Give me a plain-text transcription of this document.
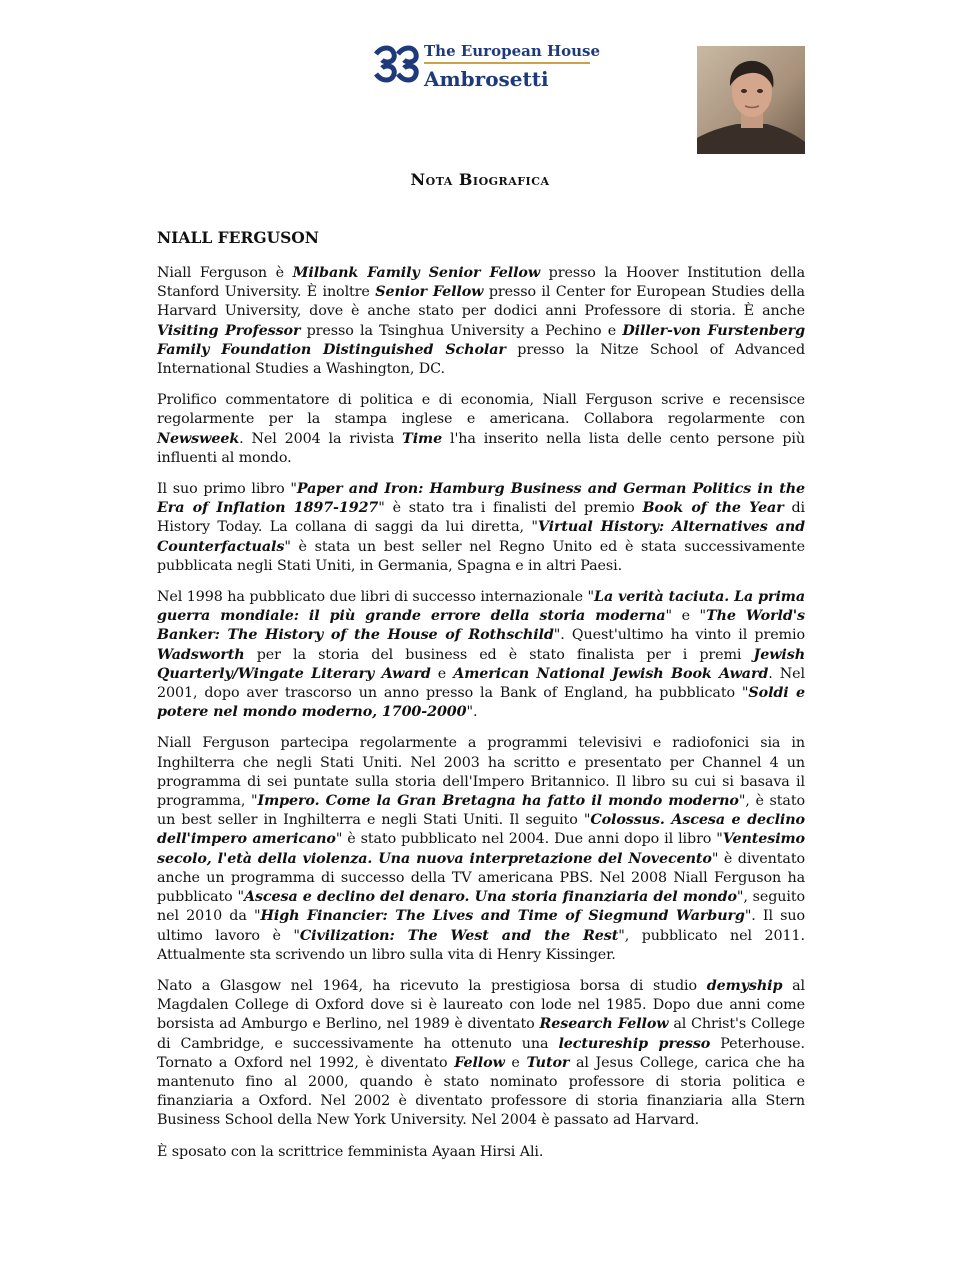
The European House
Ambrosetti
Nota Biografica
NIALL FERGUSON

Niall Ferguson è Milbank Family Senior Fellow presso la Hoover Institution della Stanford University. È inoltre Senior Fellow presso il Center for European Studies della Harvard University, dove è anche stato per dodici anni Professore di storia. È anche Visiting Professor presso la Tsinghua University a Pechino e Diller-von Furstenberg Family Foundation Distinguished Scholar presso la Nitze School of Advanced International Studies a Washington, DC.

Prolifico commentatore di politica e di economia, Niall Ferguson scrive e recensisce regolarmente per la stampa inglese e americana. Collabora regolarmente con Newsweek. Nel 2004 la rivista Time l'ha inserito nella lista delle cento persone più influenti al mondo.

Il suo primo libro "Paper and Iron: Hamburg Business and German Politics in the Era of Inflation 1897-1927" è stato tra i finalisti del premio Book of the Year di History Today. La collana di saggi da lui diretta, "Virtual History: Alternatives and Counterfactuals" è stata un best seller nel Regno Unito ed è stata successivamente pubblicata negli Stati Uniti, in Germania, Spagna e in altri Paesi.

Nel 1998 ha pubblicato due libri di successo internazionale "La verità taciuta. La prima guerra mondiale: il più grande errore della storia moderna" e "The World's Banker: The History of the House of Rothschild". Quest'ultimo ha vinto il premio Wadsworth per la storia del business ed è stato finalista per i premi Jewish Quarterly/Wingate Literary Award e American National Jewish Book Award. Nel 2001, dopo aver trascorso un anno presso la Bank of England, ha pubblicato "Soldi e potere nel mondo moderno, 1700-2000".

Niall Ferguson partecipa regolarmente a programmi televisivi e radiofonici sia in Inghilterra che negli Stati Uniti. Nel 2003 ha scritto e presentato per Channel 4 un programma di sei puntate sulla storia dell'Impero Britannico. Il libro su cui si basava il programma, "Impero. Come la Gran Bretagna ha fatto il mondo moderno", è stato un best seller in Inghilterra e negli Stati Uniti. Il seguito "Colossus. Ascesa e declino dell'impero americano" è stato pubblicato nel 2004. Due anni dopo il libro "Ventesimo secolo, l'età della violenza. Una nuova interpretazione del Novecento" è diventato anche un programma di successo della TV americana PBS. Nel 2008 Niall Ferguson ha pubblicato "Ascesa e declino del denaro. Una storia finanziaria del mondo", seguito nel 2010 da "High Financier: The Lives and Time of Siegmund Warburg". Il suo ultimo lavoro è "Civilization: The West and the Rest", pubblicato nel 2011. Attualmente sta scrivendo un libro sulla vita di Henry Kissinger.

Nato a Glasgow nel 1964, ha ricevuto la prestigiosa borsa di studio demyship al Magdalen College di Oxford dove si è laureato con lode nel 1985. Dopo due anni come borsista ad Amburgo e Berlino, nel 1989 è diventato Research Fellow al Christ's College di Cambridge, e successivamente ha ottenuto una lectureship presso Peterhouse. Tornato a Oxford nel 1992, è diventato Fellow e Tutor al Jesus College, carica che ha mantenuto fino al 2000, quando è stato nominato professore di storia politica e finanziaria a Oxford. Nel 2002 è diventato professore di storia finanziaria alla Stern Business School della New York University. Nel 2004 è passato ad Harvard.

È sposato con la scrittrice femminista Ayaan Hirsi Ali.
